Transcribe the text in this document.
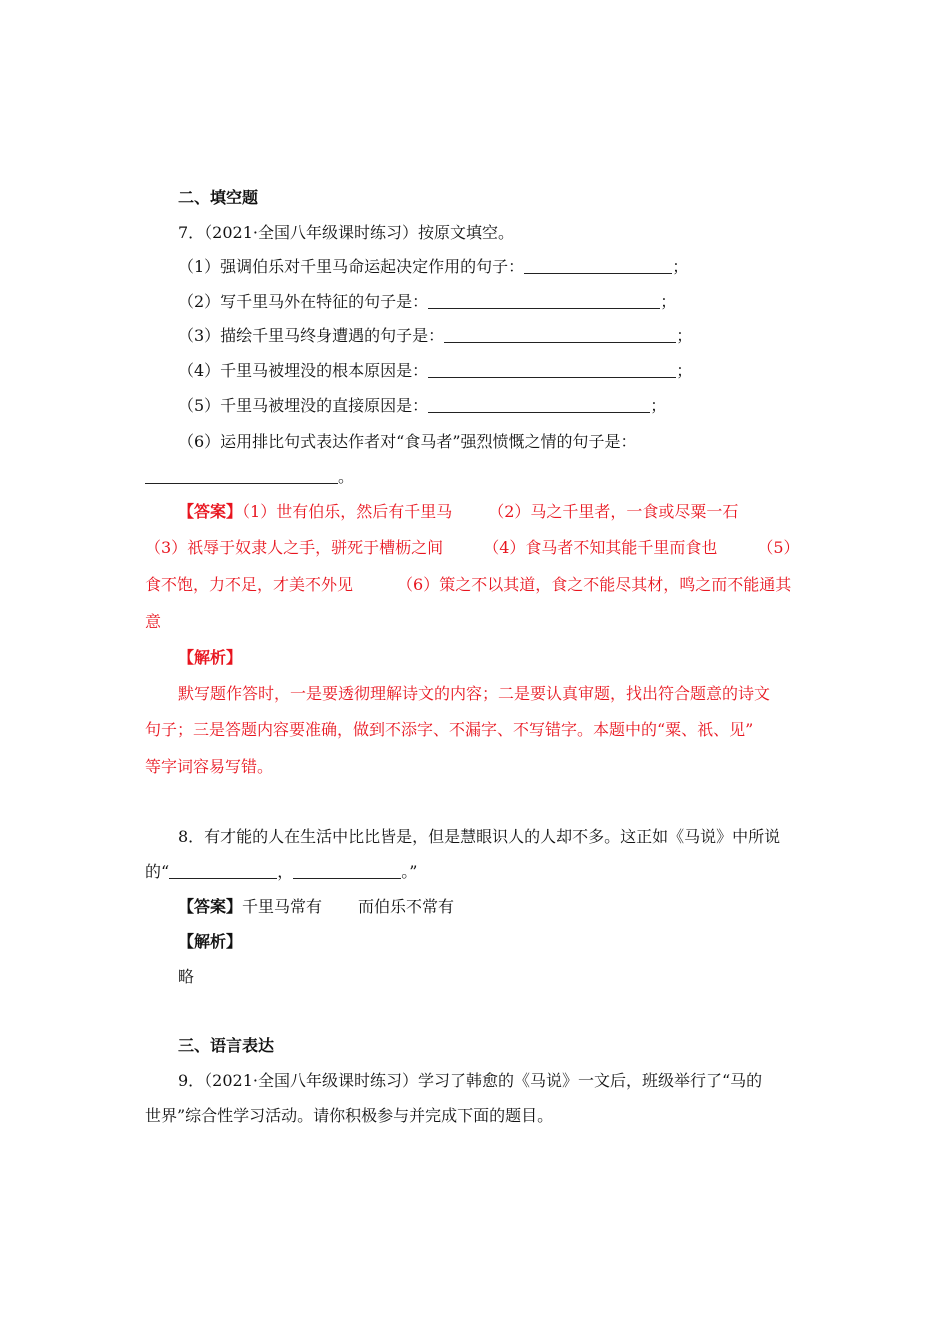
二、填空题
7．（2021·全国八年级课时练习）按原文填空。
（1）强调伯乐对千里马命运起决定作用的句子：	；
（2）写千里马外在特征的句子是：	；
（3）描绘千里马终身遭遇的句子是：	；
（4）千里马被埋没的根本原因是：	；
（5）千里马被埋没的直接原因是：	；
（6）运用排比句式表达作者对“食马者”强烈愤慨之情的句子是：
。
【答案】（1）世有伯乐，然后有千里马 （2）马之千里者，一食或尽粟一石
（3）祇辱于奴隶人之手，骈死于槽枥之间	（4）食马者不知其能千里而食也	（5）
食不饱，力不足，才美不外见	（6）策之不以其道，食之不能尽其材，鸣之而不能通其
意
【解析】
默写题作答时，一是要透彻理解诗文的内容；二是要认真审题，找出符合题意的诗文
句子；三是答题内容要准确，做到不添字、不漏字、不写错字。本题中的“粟、祇、见”
等字词容易写错。
8．有才能的人在生活中比比皆是，但是慧眼识人的人却不多。这正如《马说》中所说
的“	，	。”
【答案】千里马常有 而伯乐不常有
【解析】
略
三、语言表达
9．（2021·全国八年级课时练习）学习了韩愈的《马说》一文后，班级举行了“马的
世界”综合性学习活动。请你积极参与并完成下面的题目。
